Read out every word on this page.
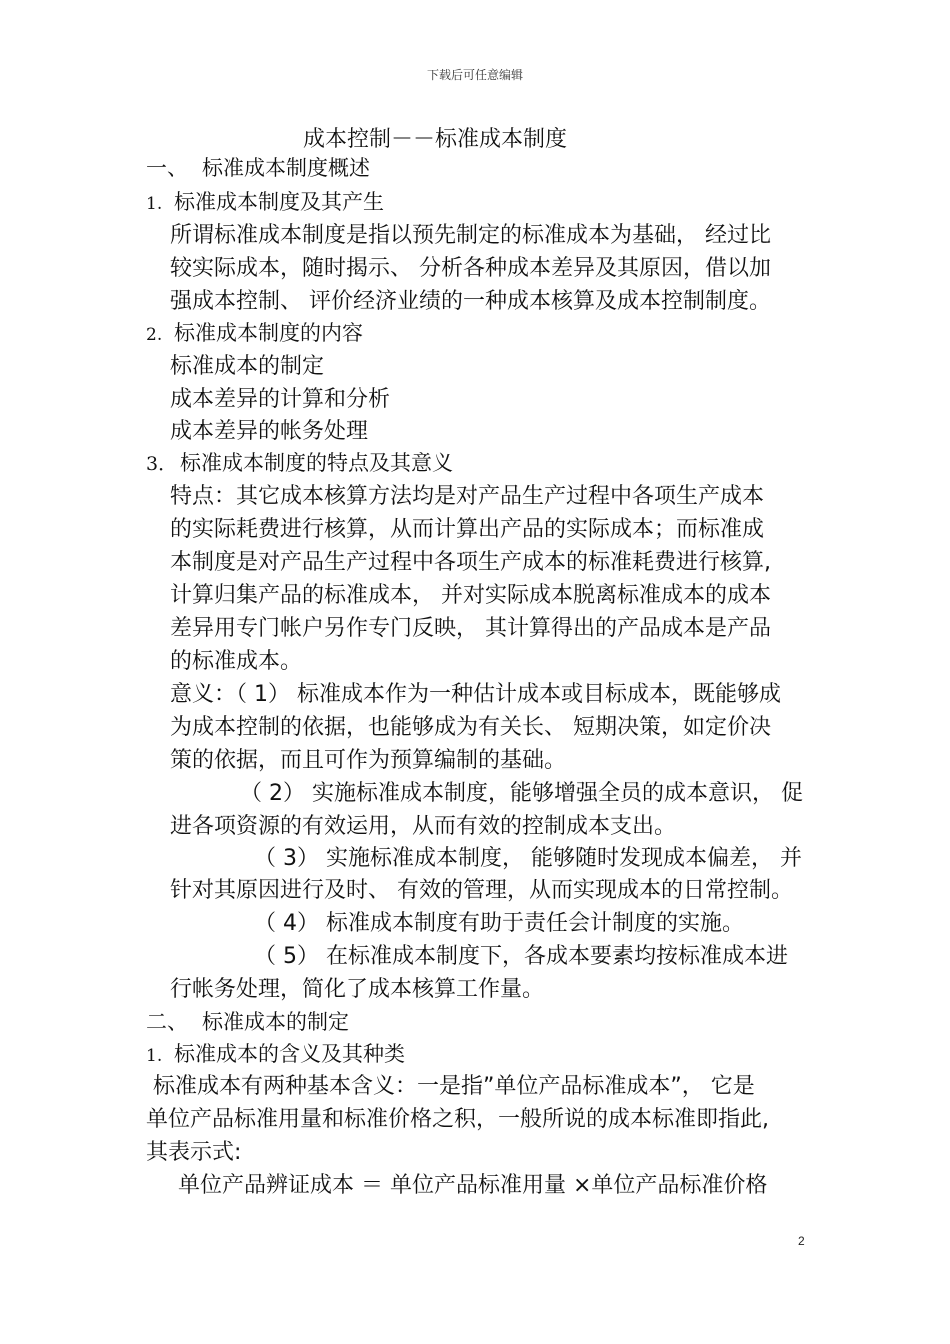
下载后可任意编辑
成本控制－－标准成本制度
一、 标准成本制度概述
1. 标准成本制度及其产生
所谓标准成本制度是指以预先制定的标准成本为基础， 经过比
较实际成本，随时揭示、 分析各种成本差异及其原因，借以加
强成本控制、 评价经济业绩的一种成本核算及成本控制制度。
2. 标准成本制度的内容
标准成本的制定
成本差异的计算和分析
成本差异的帐务处理
3． 标准成本制度的特点及其意义
特点：其它成本核算方法均是对产品生产过程中各项生产成本
的实际耗费进行核算，从而计算出产品的实际成本；而标准成
本制度是对产品生产过程中各项生产成本的标准耗费进行核算,
计算归集产品的标准成本， 并对实际成本脱离标准成本的成本
差异用专门帐户另作专门反映， 其计算得出的产品成本是产品
的标准成本。
意义：（ 1） 标准成本作为一种估计成本或目标成本，既能够成
为成本控制的依据，也能够成为有关长、 短期决策，如定价决
策的依据，而且可作为预算编制的基础。
（ 2） 实施标准成本制度，能够增强全员的成本意识， 促
进各项资源的有效运用，从而有效的控制成本支出。
（ 3） 实施标准成本制度， 能够随时发现成本偏差， 并
针对其原因进行及时、 有效的管理，从而实现成本的日常控制。
（ 4） 标准成本制度有助于责任会计制度的实施。
（ 5） 在标准成本制度下，各成本要素均按标准成本进
行帐务处理，简化了成本核算工作量。
二、 标准成本的制定
1. 标准成本的含义及其种类
标准成本有两种基本含义：一是指”单位产品标准成本”， 它是
单位产品标准用量和标准价格之积，一般所说的成本标准即指此,
其表示式:
单位产品辨证成本 ＝ 单位产品标准用量 ×单位产品标准价格
2
